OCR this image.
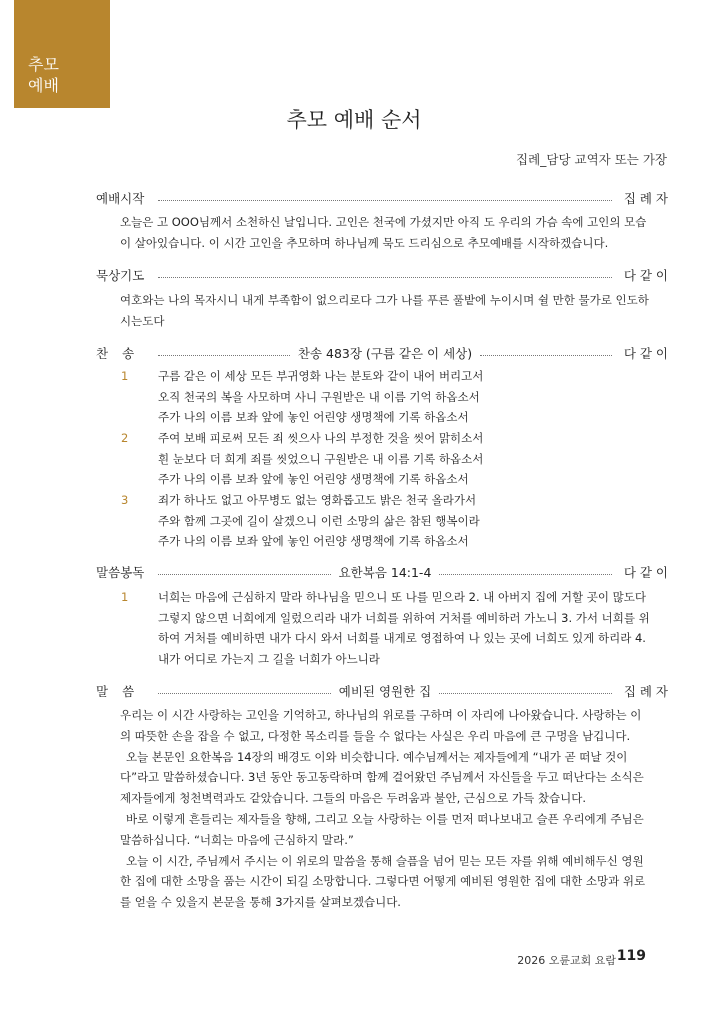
추모
예배
추모 예배 순서
집례_담당 교역자 또는 가장
예배시작	집 례 자
오늘은 고 OOO님께서 소천하신 날입니다. 고인은 천국에 가셨지만 아직 도 우리의 가슴 속에 고인의 모습이 살아있습니다. 이 시간 고인을 추모하며 하나님께 묵도 드리심으로 추모예배를 시작하겠습니다.
묵상기도	다 같 이
여호와는 나의 목자시니 내게 부족함이 없으리로다 그가 나를 푸른 풀밭에 누이시며 쉴 만한 물가로 인도하시는도다
찬송	찬송 483장 (구름 같은 이 세상)	다 같 이
1	구름 같은 이 세상 모든 부귀영화 나는 분토와 같이 내어 버리고서
오직 천국의 복을 사모하며 사니 구원받은 내 이름 기억 하옵소서
주가 나의 이름 보좌 앞에 놓인 어린양 생명책에 기록 하옵소서
2	주여 보배 피로써 모든 죄 씻으사 나의 부정한 것을 씻어 맑히소서
흰 눈보다 더 희게 죄를 씻었으니 구원받은 내 이름 기록 하옵소서
주가 나의 이름 보좌 앞에 놓인 어린양 생명책에 기록 하옵소서
3	죄가 하나도 없고 아무병도 없는 영화롭고도 밝은 천국 올라가서
주와 함께 그곳에 길이 살겠으니 이런 소망의 삶은 참된 행복이라
주가 나의 이름 보좌 앞에 놓인 어린양 생명책에 기록 하옵소서
말씀봉독	요한복음 14:1-4	다 같 이
1	너희는 마음에 근심하지 말라 하나님을 믿으니 또 나를 믿으라 2. 내 아버지 집에 거할 곳이 많도다 그렇지 않으면 너희에게 일렀으리라 내가 너희를 위하여 거처를 예비하러 가노니 3. 가서 너희를 위하여 거처를 예비하면 내가 다시 와서 너희를 내게로 영접하여 나 있는 곳에 너희도 있게 하리라 4. 내가 어디로 가는지 그 길을 너희가 아느니라
말씀	예비된 영원한 집	집 례 자

우리는 이 시간 사랑하는 고인을 기억하고, 하나님의 위로를 구하며 이 자리에 나아왔습니다. 사랑하는 이의 따뜻한 손을 잡을 수 없고, 다정한 목소리를 들을 수 없다는 사실은 우리 마음에 큰 구멍을 남깁니다.

오늘 본문인 요한복음 14장의 배경도 이와 비슷합니다. 예수님께서는 제자들에게 “내가 곧 떠날 것이다”라고 말씀하셨습니다. 3년 동안 동고동락하며 함께 걸어왔던 주님께서 자신들을 두고 떠난다는 소식은 제자들에게 청천벽력과도 같았습니다. 그들의 마음은 두려움과 불안, 근심으로 가득 찼습니다.

바로 이렇게 흔들리는 제자들을 향해, 그리고 오늘 사랑하는 이를 먼저 떠나보내고 슬픈 우리에게 주님은 말씀하십니다. “너희는 마음에 근심하지 말라.”

오늘 이 시간, 주님께서 주시는 이 위로의 말씀을 통해 슬픔을 넘어 믿는 모든 자를 위해 예비해두신 영원한 집에 대한 소망을 품는 시간이 되길 소망합니다. 그렇다면 어떻게 예비된 영원한 집에 대한 소망과 위로를 얻을 수 있을지 본문을 통해 3가지를 살펴보겠습니다.

2026 오륜교회 요람 119
